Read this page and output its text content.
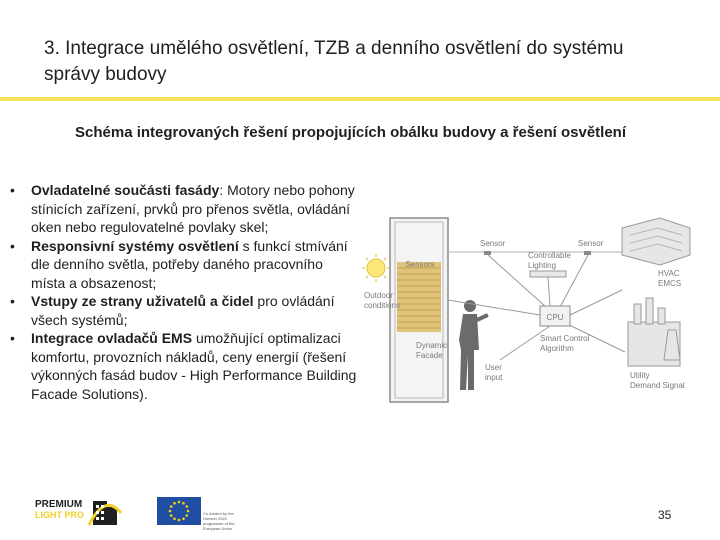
3. Integrace umělého osvětlení, TZB a denního osvětlení do systému správy budovy
Schéma integrovaných řešení propojujících obálku budovy a řešení osvětlení
• Ovladatelné součásti fasády: Motory nebo pohony stínicích zařízení, prvků pro přenos světla, ovládání oken nebo regulovatelné povlaky skel;
• Responsivní systémy osvětlení s funkcí stmívání dle denního světla, potřeby daného pracovního místa a obsazenost;
• Vstupy ze strany uživatelů a čidel pro ovládání všech systémů;
• Integrace ovladačů EMS umožňující optimalizaci komfortu, provozních nákladů, ceny energií (řešení výkonných fasád budov - High Performance Building Facade Solutions).
Sensors
Outdoor
conditions
Dynamic
Facade
User
input
Sensor	Sensor
Controllable
Lighting
CPU
Smart Control
Algorithm
HVAC
EMCS
Utility
Demand Signal
PREMIUM
LIGHT PRO	Co-funded by the Horizon 2020 programme of the European Union
35
